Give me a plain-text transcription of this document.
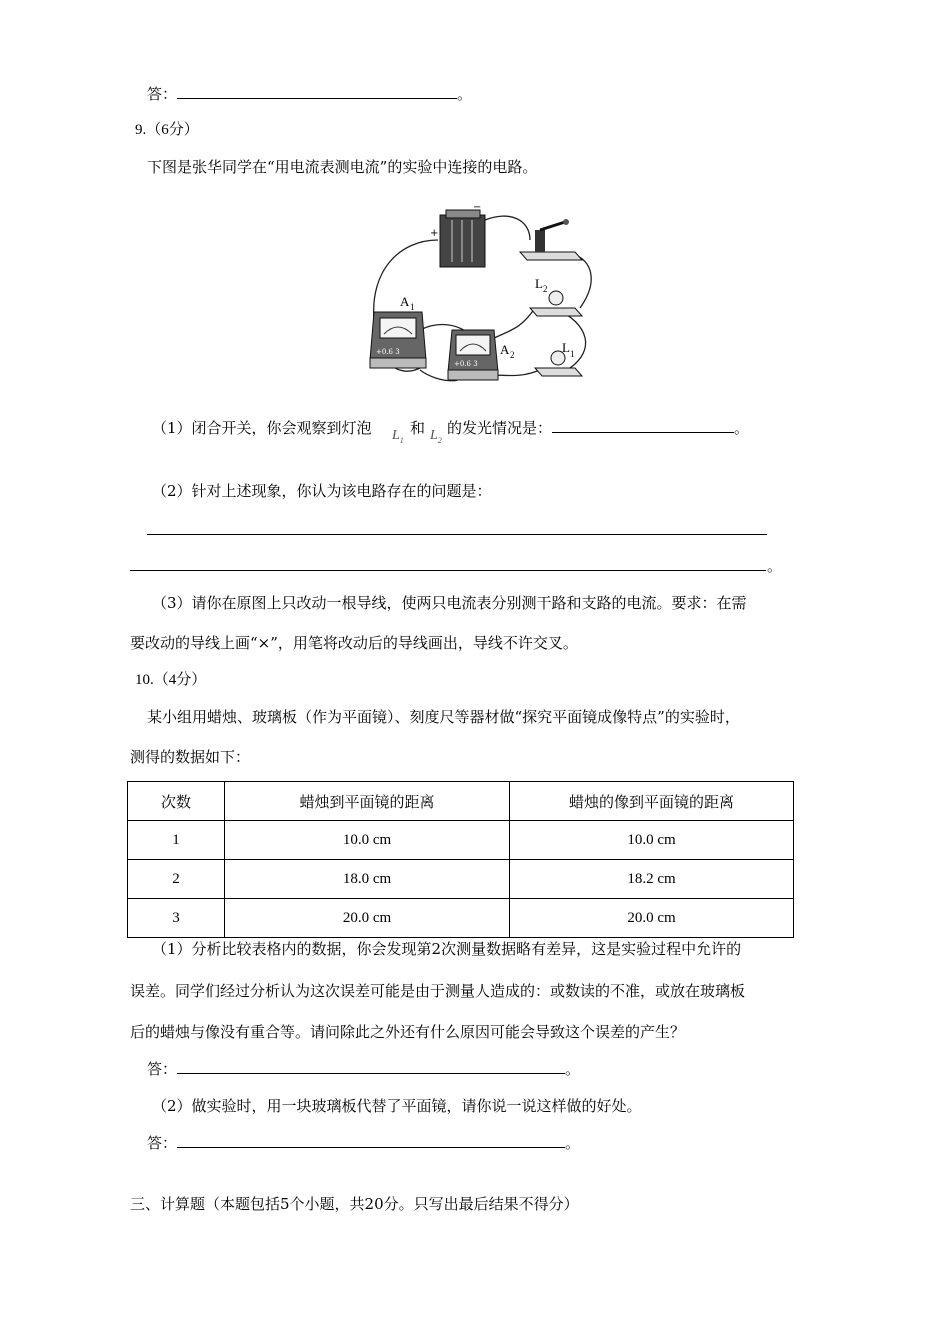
答：	。
9.（6分）
下图是张华同学在“用电流表测电流”的实验中连接的电路。
−
+
L 2
L 1
+0.6 3
A 1
+0.6 3
A 2
（1）闭合开关，你会观察到灯泡 $L_1$
和 $L_2$
的发光情况是：	。
（2）针对上述现象，你认为该电路存在的问题是：
。
（3）请你在原图上只改动一根导线，使两只电流表分别测干路和支路的电流。要求：在需
要改动的导线上画“×”，用笔将改动后的导线画出，导线不许交叉。
10.（4分）
某小组用蜡烛、玻璃板（作为平面镜）、刻度尺等器材做“探究平面镜成像特点”的实验时，
测得的数据如下：
次数	蜡烛到平面镜的距离	蜡烛的像到平面镜的距离
1	10.0 cm	10.0 cm
2	18.0 cm	18.2 cm
3	20.0 cm	20.0 cm
（1）分析比较表格内的数据，你会发现第2次测量数据略有差异，这是实验过程中允许的
误差。同学们经过分析认为这次误差可能是由于测量人造成的：或数读的不准，或放在玻璃板
后的蜡烛与像没有重合等。请问除此之外还有什么原因可能会导致这个误差的产生？
答：	。
（2）做实验时，用一块玻璃板代替了平面镜，请你说一说这样做的好处。
答：	。
三、计算题（本题包括5个小题，共20分。只写出最后结果不得分）
